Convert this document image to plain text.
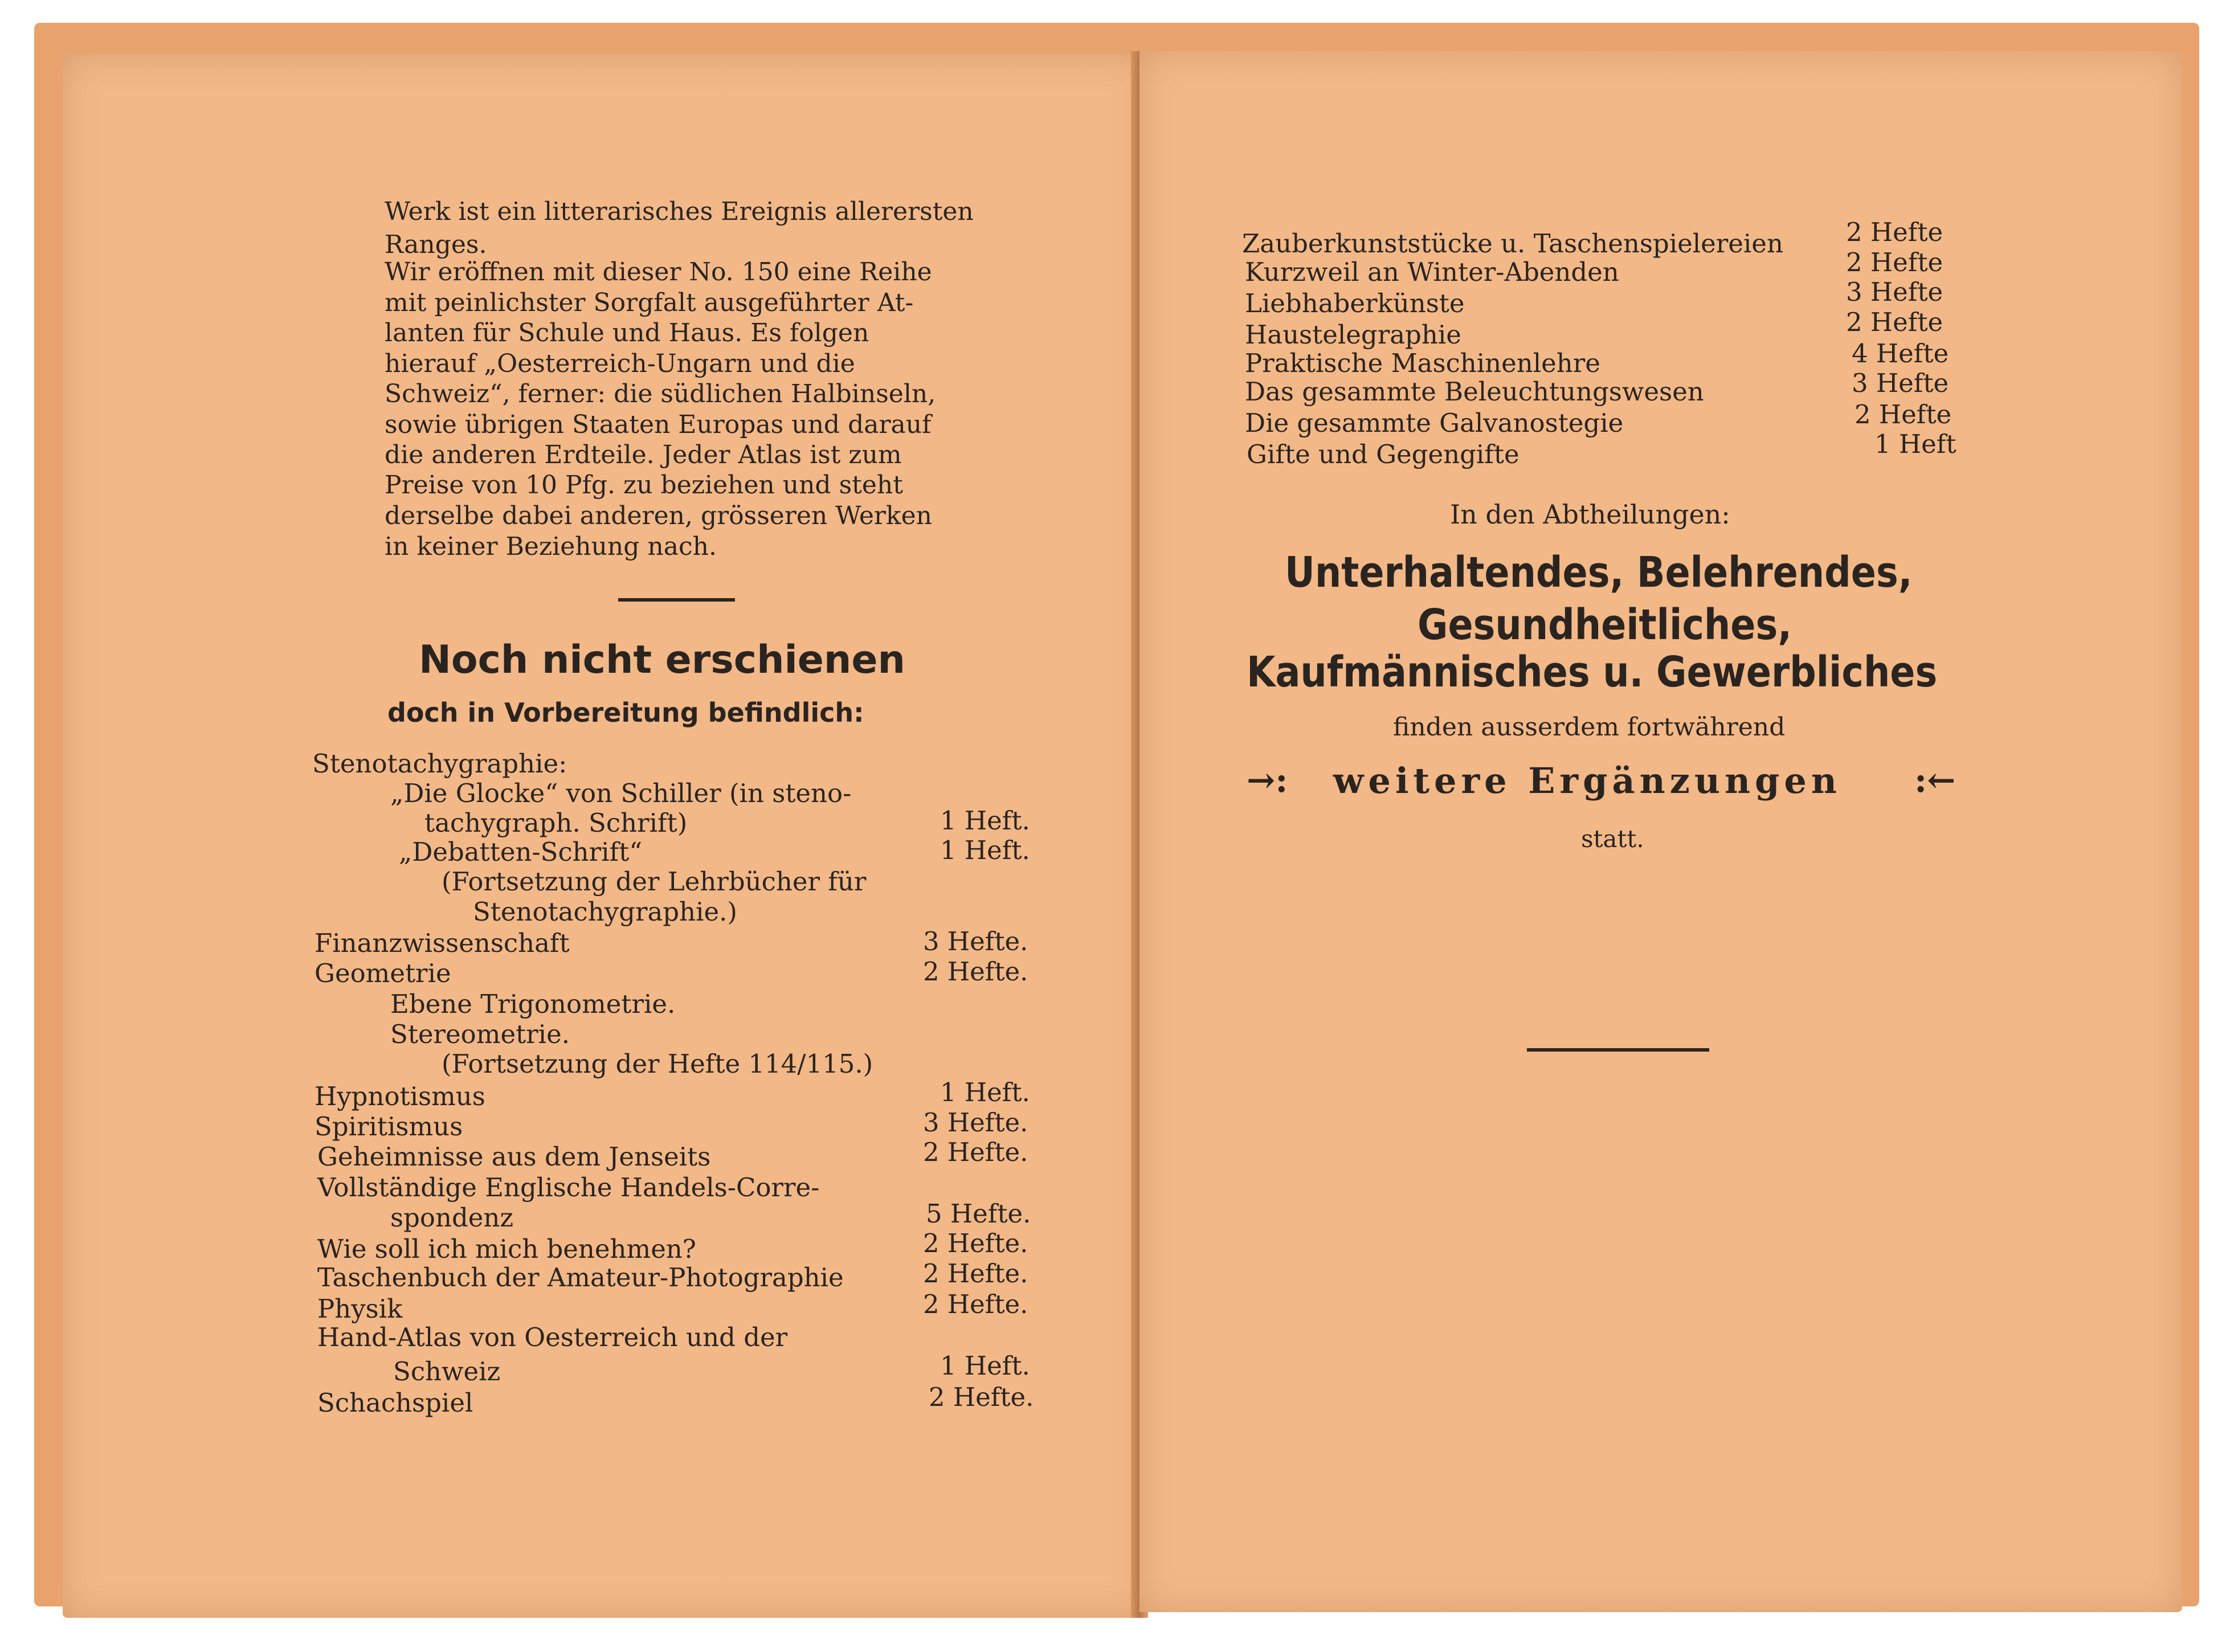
Werk ist ein litterarisches Ereignis allerersten
Ranges.
Wir eröffnen mit dieser No. 150 eine Reihe
mit peinlichster Sorgfalt ausgeführter At-
lanten für Schule und Haus. Es folgen
hierauf „Oesterreich-Ungarn und die
Schweiz“, ferner: die südlichen Halbinseln,
sowie übrigen Staaten Europas und darauf
die anderen Erdteile. Jeder Atlas ist zum
Preise von 10 Pfg. zu beziehen und steht
derselbe dabei anderen, grösseren Werken
in keiner Beziehung nach.
Noch nicht erschienen
doch in Vorbereitung befindlich:
Stenotachygraphie:
„Die Glocke“ von Schiller (in steno-
tachygraph. Schrift)	1 Heft.
„Debatten-Schrift“	1 Heft.
(Fortsetzung der Lehrbücher für
Stenotachygraphie.)
Finanzwissenschaft	3 Hefte.
Geometrie	2 Hefte.
Ebene Trigonometrie.
Stereometrie.
(Fortsetzung der Hefte 114/115.)
Hypnotismus	1 Heft.
Spiritismus	3 Hefte.
Geheimnisse aus dem Jenseits	2 Hefte.
Vollständige Englische Handels-Corre-
spondenz	5 Hefte.
Wie soll ich mich benehmen?	2 Hefte.
Taschenbuch der Amateur-Photographie	2 Hefte.
Physik	2 Hefte.
Hand-Atlas von Oesterreich und der
Schweiz	1 Heft.
Schachspiel	2 Hefte.
Zauberkunststücke u. Taschenspielereien 2 Hefte
Kurzweil an Winter-Abenden	2 Hefte
Liebhaberkünste	3 Hefte
Haustelegraphie	2 Hefte
Praktische Maschinenlehre	4 Hefte
Das gesammte Beleuchtungswesen	3 Hefte
Die gesammte Galvanostegie	2 Hefte
Gifte und Gegengifte	1 Heft
In den Abtheilungen:
Unterhaltendes, Belehrendes,
Gesundheitliches,
Kaufmännisches u. Gewerbliches
finden ausserdem fortwährend
→: weitere Ergänzungen :←
statt.
